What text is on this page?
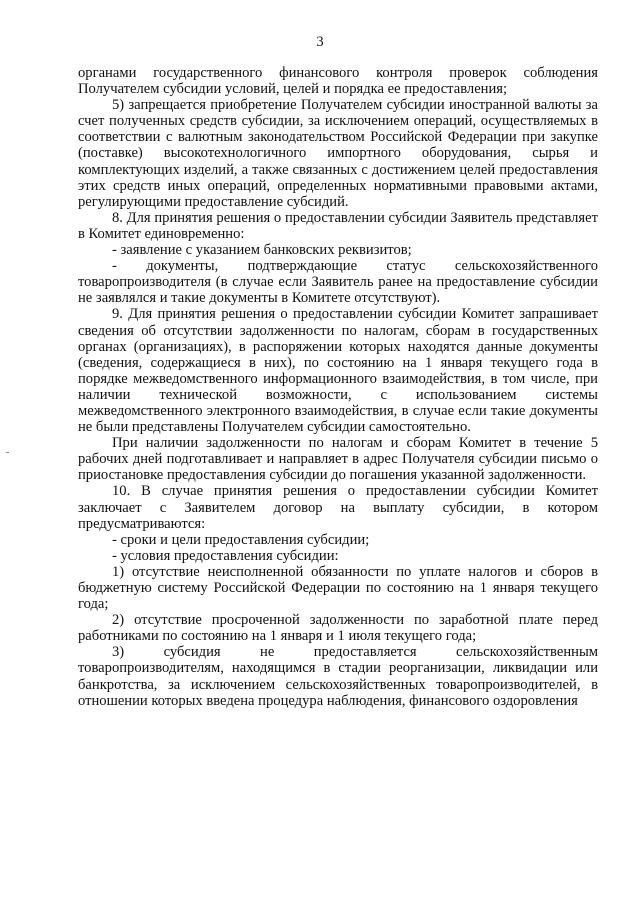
3

органами государственного финансового контроля проверок соблюдения Получателем субсидии условий, целей и порядка ее предоставления;

5) запрещается приобретение Получателем субсидии иностранной валюты за счет полученных средств субсидии, за исключением операций, осуществляемых в соответствии с валютным законодательством Российской Федерации при закупке (поставке) высокотехнологичного импортного оборудования, сырья и комплектующих изделий, а также связанных с достижением целей предоставления этих средств иных операций, определенных нормативными правовыми актами, регулирующими предоставление субсидий.

8. Для принятия решения о предоставлении субсидии Заявитель представляет в Комитет единовременно:

- заявление с указанием банковских реквизитов;

- документы, подтверждающие статус сельскохозяйственного товаропроизводителя (в случае если Заявитель ранее на предоставление субсидии не заявлялся и такие документы в Комитете отсутствуют).

9. Для принятия решения о предоставлении субсидии Комитет запрашивает сведения об отсутствии задолженности по налогам, сборам в государственных органах (организациях), в распоряжении которых находятся данные документы (сведения, содержащиеся в них), по состоянию на 1 января текущего года в порядке межведомственного информационного взаимодействия, в том числе, при наличии технической возможности, с использованием системы межведомственного электронного взаимодействия, в случае если такие документы не были представлены Получателем субсидии самостоятельно.

При наличии задолженности по налогам и сборам Комитет в течение 5 рабочих дней подготавливает и направляет в адрес Получателя субсидии письмо о приостановке предоставления субсидии до погашения указанной задолженности.

10. В случае принятия решения о предоставлении субсидии Комитет заключает с Заявителем договор на выплату субсидии, в котором предусматриваются:

- сроки и цели предоставления субсидии;

- условия предоставления субсидии:

1) отсутствие неисполненной обязанности по уплате налогов и сборов в бюджетную систему Российской Федерации по состоянию на 1 января текущего года;

2) отсутствие просроченной задолженности по заработной плате перед работниками по состоянию на 1 января и 1 июля текущего года;

3) субсидия не предоставляется сельскохозяйственным товаропроизводителям, находящимся в стадии реорганизации, ликвидации или банкротства, за исключением сельскохозяйственных товаропроизводителей, в отношении которых введена процедура наблюдения, финансового оздоровления
